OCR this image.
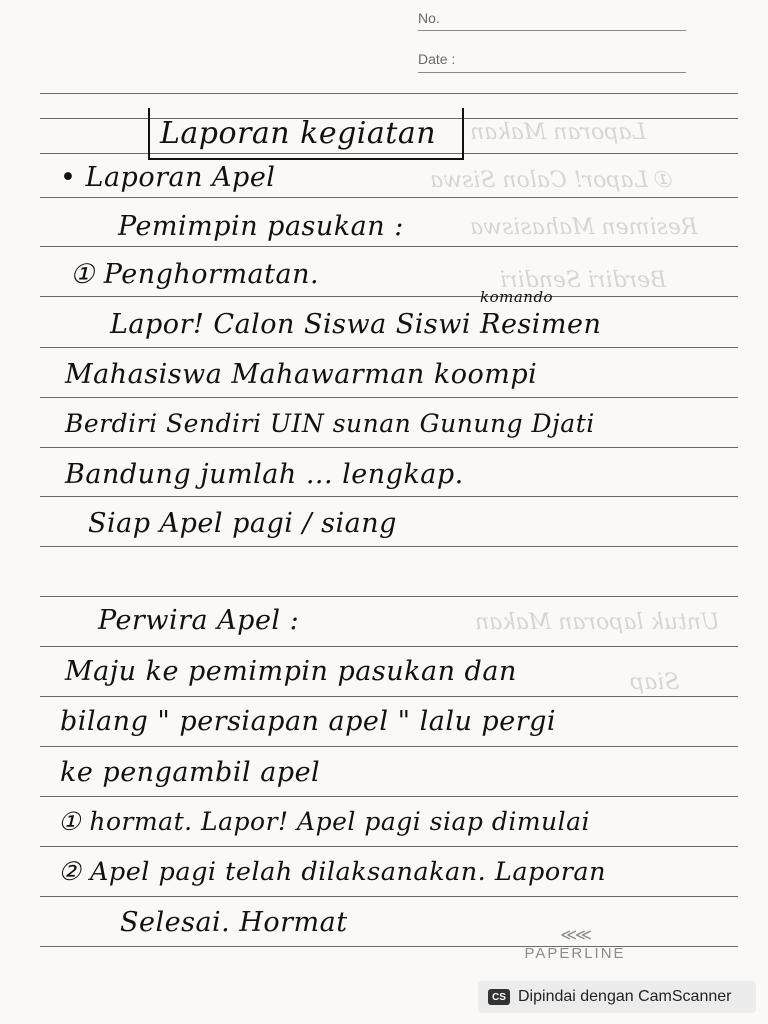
No.
Date :
Laporan Makan
① Lapor! Calon Siswa
Resimen Mahasiswa
Berdiri Sendiri
Untuk laporan Makan
Siap
Laporan kegiatan
• Laporan Apel
Pemimpin pasukan :
① Penghormatan.
komando
Lapor! Calon Siswa Siswi Resimen
Mahasiswa Mahawarman koompi
Berdiri Sendiri UIN sunan Gunung Djati
Bandung jumlah ... lengkap.
Siap Apel pagi / siang
Perwira Apel :
Maju ke pemimpin pasukan dan
bilang " persiapan apel " lalu pergi
ke pengambil apel
① hormat. Lapor! Apel pagi siap dimulai
② Apel pagi telah dilaksanakan. Laporan
Selesai. Hormat	≪≪
PAPERLINE
CS Dipindai dengan CamScanner
